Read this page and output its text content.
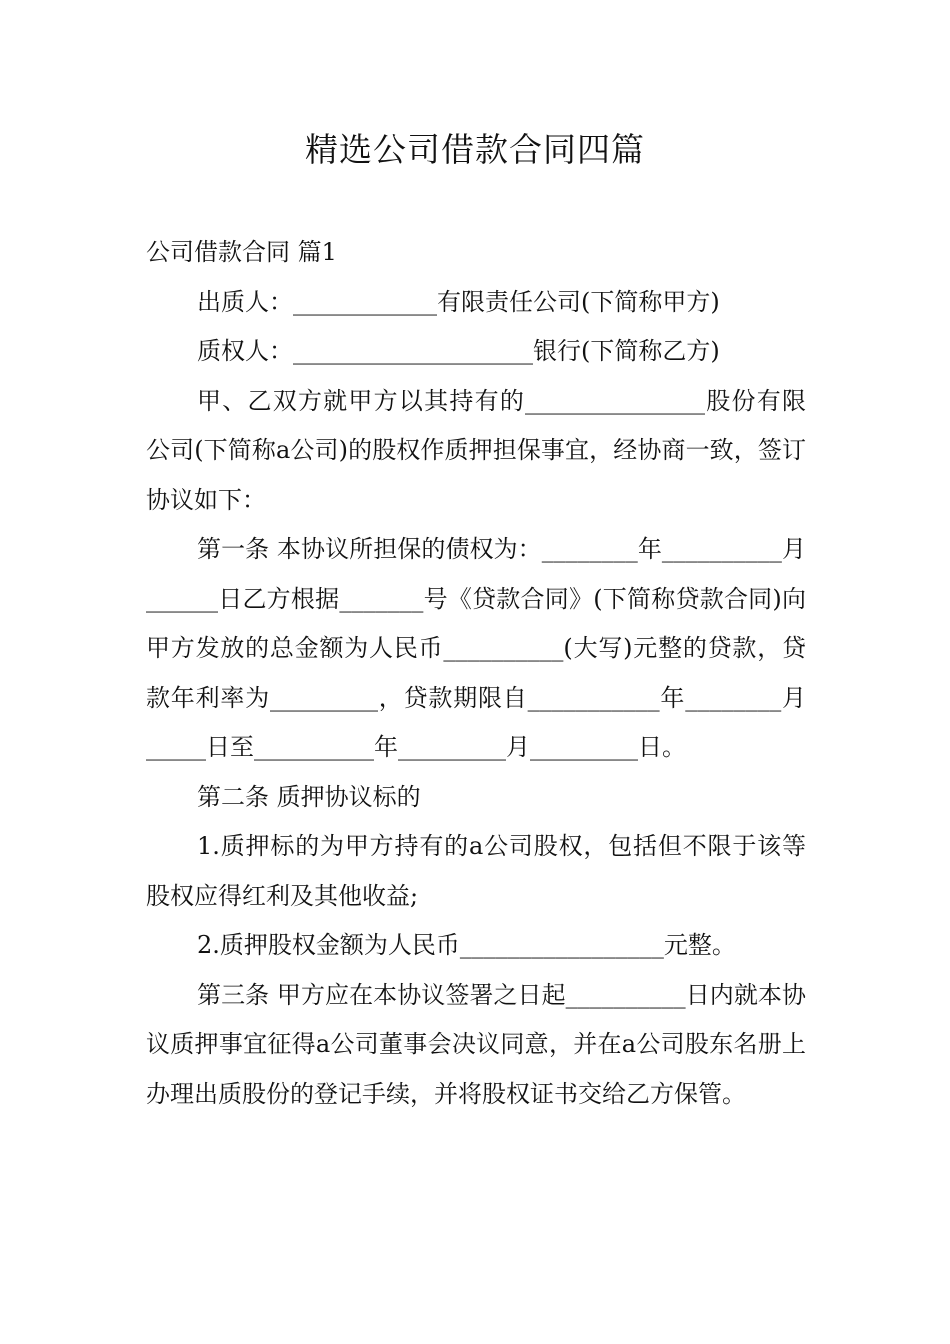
精选公司借款合同四篇

公司借款合同 篇1

出质人：____________有限责任公司(下简称甲方)

质权人：____________________银行(下简称乙方)

甲、乙双方就甲方以其持有的_______________股份有限公司(下简称a公司)的股权作质押担保事宜，经协商一致，签订协议如下：

第一条 本协议所担保的债权为：________年__________月______日乙方根据_______号《贷款合同》(下简称贷款合同)向甲方发放的总金额为人民币__________(大写)元整的贷款，贷款年利率为_________，贷款期限自___________年________月_____日至__________年_________月_________日。

第二条 质押协议标的

1.质押标的为甲方持有的a公司股权，包括但不限于该等股权应得红利及其他收益;

2.质押股权金额为人民币_________________元整。

第三条 甲方应在本协议签署之日起__________日内就本协议质押事宜征得a公司董事会决议同意，并在a公司股东名册上办理出质股份的登记手续，并将股权证书交给乙方保管。
